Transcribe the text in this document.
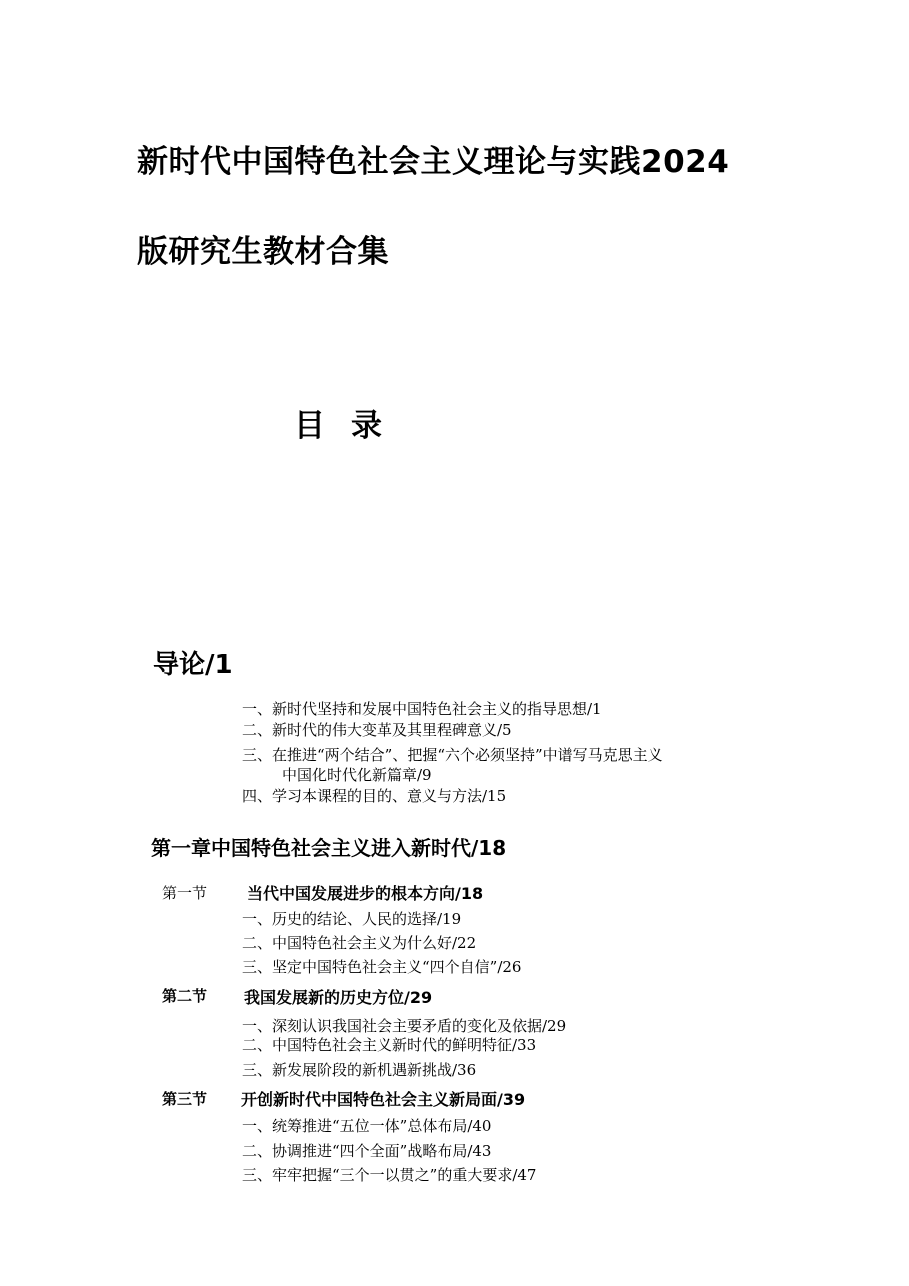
新时代中国特色社会主义理论与实践2024
版研究生教材合集
目录
导论/1
一、新时代坚持和发展中国特色社会主义的指导思想/1
二、新时代的伟大变革及其里程碑意义/5
三、在推进“两个结合”、把握“六个必须坚持”中谱写马克思主义
中国化时代化新篇章/9
四、学习本课程的目的、意义与方法/15
第一章中国特色社会主义进入新时代/18
第一节 当代中国发展进步的根本方向/18
一、历史的结论、人民的选择/19
二、中国特色社会主义为什么好/22
三、坚定中国特色社会主义“四个自信”/26
第二节 我国发展新的历史方位/29
一、深刻认识我国社会主要矛盾的变化及依据/29
二、中国特色社会主义新时代的鲜明特征/33
三、新发展阶段的新机遇新挑战/36
第三节 开创新时代中国特色社会主义新局面/39
一、统筹推进“五位一体”总体布局/40
二、协调推进“四个全面”战略布局/43
三、牢牢把握“三个一以贯之”的重大要求/47
